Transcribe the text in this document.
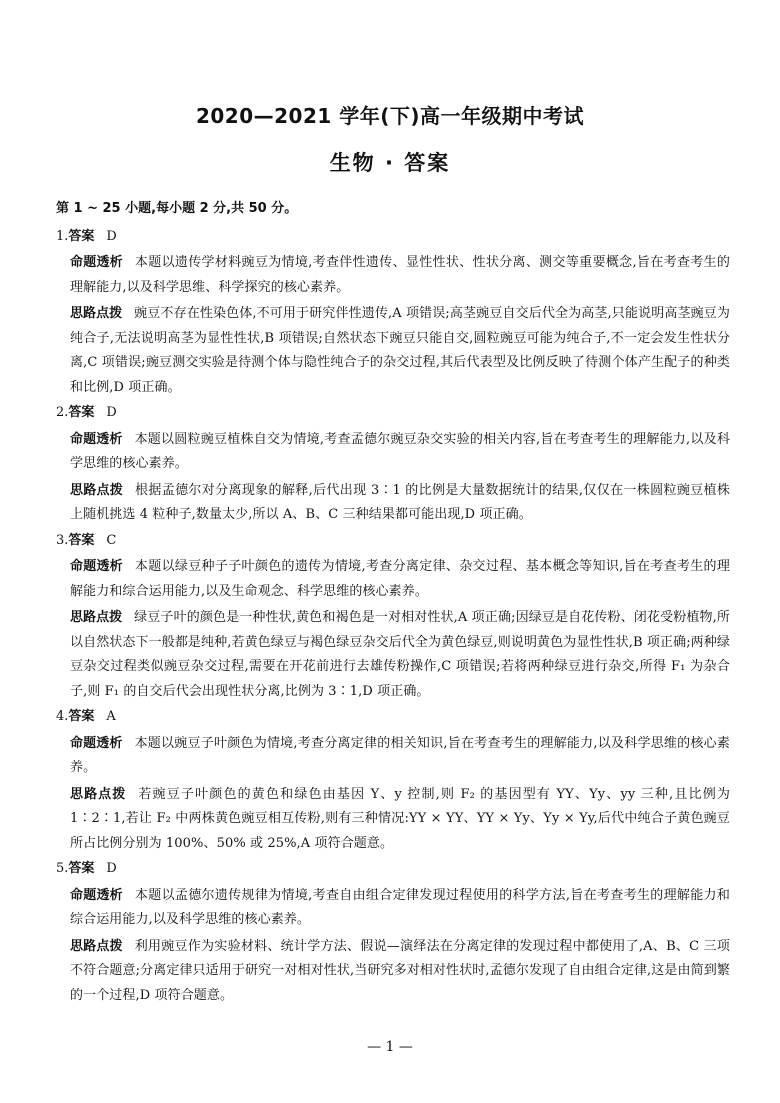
2020—2021 学年(下)高一年级期中考试
生物 · 答案
第 1 ~ 25 小题,每小题 2 分,共 50 分。
1.答案 D
命题透析 本题以遗传学材料豌豆为情境,考查伴性遗传、显性性状、性状分离、测交等重要概念,旨在考查考生的理解能力,以及科学思维、科学探究的核心素养。
思路点拨 豌豆不存在性染色体,不可用于研究伴性遗传,A 项错误;高茎豌豆自交后代全为高茎,只能说明高茎豌豆为纯合子,无法说明高茎为显性性状,B 项错误;自然状态下豌豆只能自交,圆粒豌豆可能为纯合子,不一定会发生性状分离,C 项错误;豌豆测交实验是待测个体与隐性纯合子的杂交过程,其后代表型及比例反映了待测个体产生配子的种类和比例,D 项正确。
2.答案 D
命题透析 本题以圆粒豌豆植株自交为情境,考查孟德尔豌豆杂交实验的相关内容,旨在考查考生的理解能力,以及科学思维的核心素养。
思路点拨 根据孟德尔对分离现象的解释,后代出现 3∶1 的比例是大量数据统计的结果,仅仅在一株圆粒豌豆植株上随机挑选 4 粒种子,数量太少,所以 A、B、C 三种结果都可能出现,D 项正确。
3.答案 C
命题透析 本题以绿豆种子子叶颜色的遗传为情境,考查分离定律、杂交过程、基本概念等知识,旨在考查考生的理解能力和综合运用能力,以及生命观念、科学思维的核心素养。
思路点拨 绿豆子叶的颜色是一种性状,黄色和褐色是一对相对性状,A 项正确;因绿豆是自花传粉、闭花受粉植物,所以自然状态下一般都是纯种,若黄色绿豆与褐色绿豆杂交后代全为黄色绿豆,则说明黄色为显性性状,B 项正确;两种绿豆杂交过程类似豌豆杂交过程,需要在开花前进行去雄传粉操作,C 项错误;若将两种绿豆进行杂交,所得 F₁ 为杂合子,则 F₁ 的自交后代会出现性状分离,比例为 3∶1,D 项正确。
4.答案 A
命题透析 本题以豌豆子叶颜色为情境,考查分离定律的相关知识,旨在考查考生的理解能力,以及科学思维的核心素养。
思路点拨 若豌豆子叶颜色的黄色和绿色由基因 Y、y 控制,则 F₂ 的基因型有 YY、Yy、yy 三种,且比例为 1∶2∶1,若让 F₂ 中两株黄色豌豆相互传粉,则有三种情况:YY × YY、YY × Yy、Yy × Yy,后代中纯合子黄色豌豆所占比例分别为 100%、50% 或 25%,A 项符合题意。
5.答案 D
命题透析 本题以孟德尔遗传规律为情境,考查自由组合定律发现过程使用的科学方法,旨在考查考生的理解能力和综合运用能力,以及科学思维的核心素养。
思路点拨 利用豌豆作为实验材料、统计学方法、假说—演绎法在分离定律的发现过程中都使用了,A、B、C 三项不符合题意;分离定律只适用于研究一对相对性状,当研究多对相对性状时,孟德尔发现了自由组合定律,这是由简到繁的一个过程,D 项符合题意。
— 1 —
